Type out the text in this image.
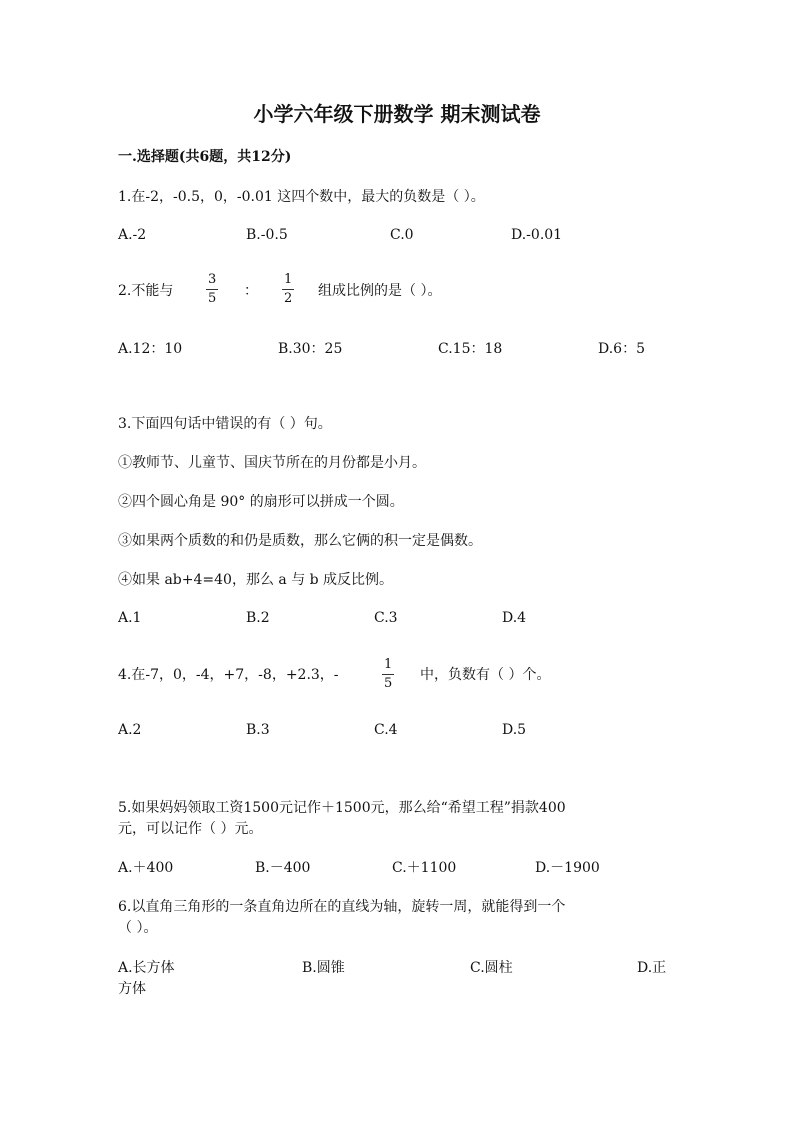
小学六年级下册数学 期末测试卷
一.选择题(共6题，共12分)
1.在-2，-0.5，0，-0.01 这四个数中，最大的负数是（ ）。
A.-2	B.-0.5	C.0	D.-0.01
2.不能与
3
5 ：
1
2 组成比例的是（ ）。
A.12：10	B.30：25	C.15：18	D.6：5
3.下面四句话中错误的有（ ）句。
①教师节、儿童节、国庆节所在的月份都是小月。
②四个圆心角是 90° 的扇形可以拼成一个圆。
③如果两个质数的和仍是质数，那么它俩的积一定是偶数。
④如果 ab+4=40，那么 a 与 b 成反比例。
A.1	B.2	C.3	D.4
4.在-7，0，-4，+7，-8，+2.3，-
1
5
中，负数有（ ）个。
A.2	B.3	C.4	D.5
5.如果妈妈领取工资1500元记作＋1500元，那么给“希望工程”捐款400
元，可以记作（ ）元。
A.＋400	B.－400	C.＋1100	D.－1900
6.以直角三角形的一条直角边所在的直线为轴，旋转一周，就能得到一个
（ ）。
A.长方体	B.圆锥	C.圆柱	D.正
方体
